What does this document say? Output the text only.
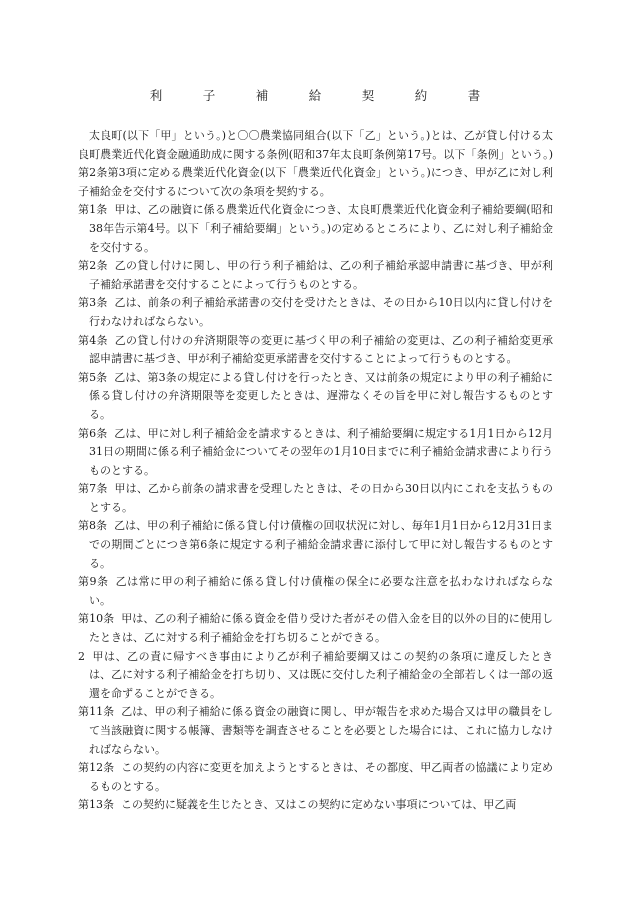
利　子　補　給　契　約　書

太良町(以下「甲」という。)と〇〇農業協同組合(以下「乙」という。)とは、乙が貸し付ける太良町農業近代化資金融通助成に関する条例(昭和37年太良町条例第17号。以下「条例」という。)第2条第3項に定める農業近代化資金(以下「農業近代化資金」という。)につき、甲が乙に対し利子補給金を交付するについて次の条項を契約する。

第1条 甲は、乙の融資に係る農業近代化資金につき、太良町農業近代化資金利子補給要綱(昭和38年告示第4号。以下「利子補給要綱」という。)の定めるところにより、乙に対し利子補給金を交付する。

第2条 乙の貸し付けに関し、甲の行う利子補給は、乙の利子補給承認申請書に基づき、甲が利子補給承諾書を交付することによって行うものとする。

第3条 乙は、前条の利子補給承諾書の交付を受けたときは、その日から10日以内に貸し付けを行わなければならない。

第4条 乙の貸し付けの弁済期限等の変更に基づく甲の利子補給の変更は、乙の利子補給変更承認申請書に基づき、甲が利子補給変更承諾書を交付することによって行うものとする。

第5条 乙は、第3条の規定による貸し付けを行ったとき、又は前条の規定により甲の利子補給に係る貸し付けの弁済期限等を変更したときは、遅滞なくその旨を甲に対し報告するものとする。

第6条 乙は、甲に対し利子補給金を請求するときは、利子補給要綱に規定する1月1日から12月31日の期間に係る利子補給金についてその翌年の1月10日までに利子補給金請求書により行うものとする。

第7条 甲は、乙から前条の請求書を受理したときは、その日から30日以内にこれを支払うものとする。

第8条 乙は、甲の利子補給に係る貸し付け債権の回収状況に対し、毎年1月1日から12月31日までの期間ごとにつき第6条に規定する利子補給金請求書に添付して甲に対し報告するものとする。

第9条 乙は常に甲の利子補給に係る貸し付け債権の保全に必要な注意を払わなければならない。

第10条 甲は、乙の利子補給に係る資金を借り受けた者がその借入金を目的以外の目的に使用したときは、乙に対する利子補給金を打ち切ることができる。

2 甲は、乙の責に帰すべき事由により乙が利子補給要綱又はこの契約の条項に違反したときは、乙に対する利子補給金を打ち切り、又は既に交付した利子補給金の全部若しくは一部の返還を命ずることができる。

第11条 乙は、甲の利子補給に係る資金の融資に関し、甲が報告を求めた場合又は甲の職員をして当該融資に関する帳簿、書類等を調査させることを必要とした場合には、これに協力しなければならない。

第12条 この契約の内容に変更を加えようとするときは、その都度、甲乙両者の協議により定めるものとする。

第13条 この契約に疑義を生じたとき、又はこの契約に定めない事項については、甲乙両
